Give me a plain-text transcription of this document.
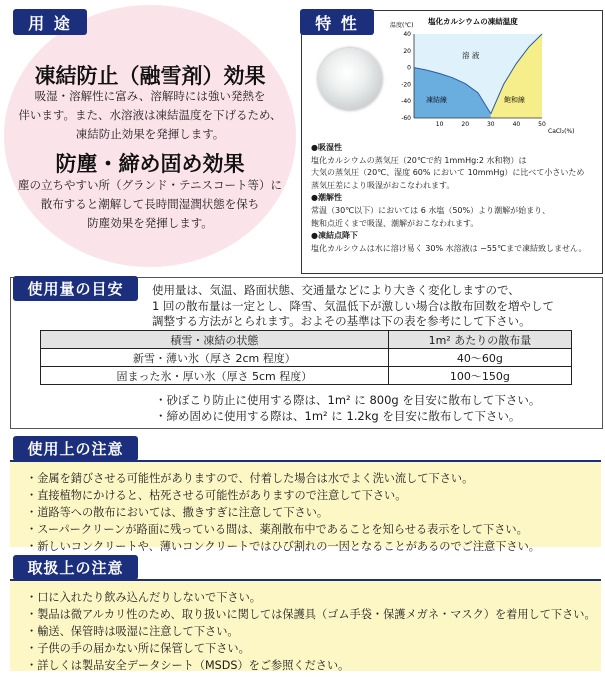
用 途
凍結防止（融雪剤）効果
吸湿・溶解性に富み、溶解時には強い発熱を
伴います。また、水溶液は凍結温度を下げるため、
凍結防止効果を発揮します。
防塵・締め固め効果
塵の立ちやすい所（グランド・テニスコート等）に
散布すると潮解して長時間湿潤状態を保ち
防塵効果を発揮します。
特 性	塩化カルシウムの凍結温度
温度(℃)
CaCl₂(%)
40
20
0
-20
-40
-60
10	20	30	40	50
溶 液
凍結線	飽和線
●吸湿性
塩化カルシウムの蒸気圧（20℃で約 1mmHg:2 水和物）は
大気の蒸気圧（20℃、湿度 60% において 10mmHg）に比べて小さいため
蒸気圧差により吸湿がおこなわれます。
●潮解性
常温（30℃以下）においては 6 水塩（50%）より潮解が始まり、
飽和点近くまで吸湿、潮解がおこなわれます。
●凍結点降下
塩化カルシウムは水に溶け易く 30% 水溶液は −55℃まで凍結致しません。
使用量の目安	使用量は、気温、路面状態、交通量などにより大きく変化しますので、
1 回の散布量は一定とし、降雪、気温低下が激しい場合は散布回数を増やして
調整する方法がとられます。およその基準は下の表を参考にして下さい。
積雪・凍結の状態	1m² あたりの散布量
新雪・薄い氷（厚さ 2cm 程度）	40〜60g
固まった氷・厚い氷（厚さ 5cm 程度）	100〜150g
・砂ぼこり防止に使用する際は、1m² に 800g を目安に散布して下さい。
・締め固めに使用する際は、1m² に 1.2kg を目安に散布して下さい。
使用上の注意
・金属を錆びさせる可能性がありますので、付着した場合は水でよく洗い流して下さい。
・直接植物にかけると、枯死させる可能性がありますので注意して下さい。
・道路等への散布においては、撒きすぎに注意して下さい。
・スーパークリーンが路面に残っている間は、薬剤散布中であることを知らせる表示をして下さい。
・新しいコンクリートや、薄いコンクリートではひび割れの一因となることがあるのでご注意下さい。
取扱上の注意
・口に入れたり飲み込んだりしないで下さい。
・製品は微アルカリ性のため、取り扱いに関しては保護具（ゴム手袋・保護メガネ・マスク）を着用して下さい。
・輸送、保管時は吸湿に注意して下さい。
・子供の手の届かない所に保管して下さい。
・詳しくは製品安全データシート（MSDS）をご参照ください。
